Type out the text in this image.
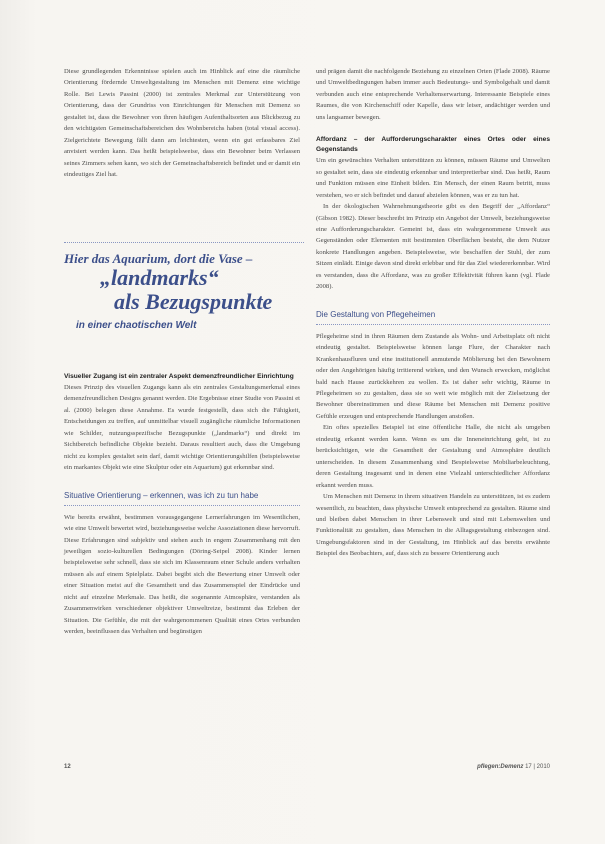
Diese grundlegenden Erkenntnisse spielen auch im Hinblick auf eine die räumliche Orientierung fördernde Umweltgestaltung im Menschen mit Demenz eine wichtige Rolle. Bei Lewis Passini (2000) ist zentrales Merkmal zur Unterstützung von Orientierung, dass der Grundriss von Einrichtungen für Menschen mit Demenz so gestaltet ist, dass die Bewohner von ihren häufigen Aufenthaltsorten aus Blickbezug zu den wichtigsten Gemeinschaftsbereichen des Wohnbereichs haben (total visual access). Zielgerichtete Bewegung fällt dann am leichtesten, wenn ein gut erfassbares Ziel anvisiert werden kann. Das heißt beispielsweise, dass ein Bewohner beim Verlassen seines Zimmers sehen kann, wo sich der Gemeinschaftsbereich befindet und er damit ein eindeutiges Ziel hat.

Hier das Aquarium, dort die Vase –
„landmarks“
als Bezugspunkte
in einer chaotischen Welt
Visueller Zugang ist ein zentraler Aspekt demenzfreundlicher Einrichtung

Dieses Prinzip des visuellen Zugangs kann als ein zentrales Gestaltungsmerkmal eines demenzfreundlichen Designs genannt werden. Die Ergebnisse einer Studie von Passini et al. (2000) belegen diese Annahme. Es wurde festgestellt, dass sich die Fähigkeit, Entscheidungen zu treffen, auf unmittelbar visuell zugängliche räumliche Informationen wie Schilder, nutzungsspezifische Bezugspunkte („landmarks“) und direkt im Sichtbereich befindliche Objekte bezieht. Daraus resultiert auch, dass die Umgebung nicht zu komplex gestaltet sein darf, damit wichtige Orientierungshilfen (beispielsweise ein markantes Objekt wie eine Skulptur oder ein Aquarium) gut erkennbar sind.

Situative Orientierung – erkennen, was ich zu tun habe

Wie bereits erwähnt, bestimmen vorausgegangene Lernerfahrungen im Wesentlichen, wie eine Umwelt bewertet wird, beziehungsweise welche Assoziationen diese hervorruft. Diese Erfahrungen sind subjektiv und stehen auch in engem Zusammenhang mit den jeweiligen sozio-kulturellen Bedingungen (Döring-Seipel 2008). Kinder lernen beispielsweise sehr schnell, dass sie sich im Klassenraum einer Schule anders verhalten müssen als auf einem Spielplatz. Dabei begibt sich die Bewertung einer Umwelt oder einer Situation meist auf die Gesamtheit und das Zusammenspiel der Eindrücke und nicht auf einzelne Merkmale. Das heißt, die sogenannte Atmosphäre, verstanden als Zusammenwirken verschiedener objektiver Umweltreize, bestimmt das Erleben der Situation. Die Gefühle, die mit der wahrgenommenen Qualität eines Ortes verbunden werden, beeinflussen das Verhalten und begünstigen

und prägen damit die nachfolgende Beziehung zu einzelnen Orten (Flade 2008). Räume und Umweltbedingungen haben immer auch Bedeutungs- und Symbolgehalt und damit verbunden auch eine entsprechende Verhaltenserwartung. Interessante Beispiele eines Raumes, die von Kirchenschiff oder Kapelle, dass wir leiser, andächtiger werden und uns langsamer bewegen.

Affordanz – der Aufforderungscharakter eines Ortes oder eines Gegenstands

Um ein gewünschtes Verhalten unterstützen zu können, müssen Räume und Umwelten so gestaltet sein, dass sie eindeutig erkennbar und interpretierbar sind. Das heißt, Raum und Funktion müssen eine Einheit bilden. Ein Mensch, der einen Raum betritt, muss verstehen, wo er sich befindet und darauf abzielen können, was er zu tun hat.

In der ökologischen Wahrnehmungstheorie gibt es den Begriff der „Affordanz“ (Gibson 1982). Dieser beschreibt im Prinzip ein Angebot der Umwelt, beziehungsweise eine Aufforderungscharakter. Gemeint ist, dass ein wahrgenommene Umwelt aus Gegenständen oder Elementen mit bestimmten Oberflächen besteht, die dem Nutzer konkrete Handlungen angeben. Beispielsweise, wie beschaffen der Stuhl, der zum Sitzen einlädt. Einige davon sind direkt erlebbar und für das Ziel wiedererkennbar. Wird es verstanden, dass die Affordanz, was zu großer Effektivität führen kann (vgl. Flade 2008).

Die Gestaltung von Pflegeheimen

Pflegeheime sind in ihren Räumen dem Zustande als Wohn- und Arbeitsplatz oft nicht eindeutig gestaltet. Beispielsweise können lange Flure, der Charakter nach Krankenhausfluren und eine institutionell anmutende Möblierung bei den Bewohnern oder den Angehörigen häufig irritierend wirken, und den Wunsch erwecken, möglichst bald nach Hause zurückkehren zu wollen. Es ist daher sehr wichtig, Räume in Pflegeheimen so zu gestalten, dass sie so weit wie möglich mit der Zielsetzung der Bewohner übereinstimmen und diese Räume bei Menschen mit Demenz positive Gefühle erzeugen und entsprechende Handlungen anstoßen.

Ein oftes spezielles Beispiel ist eine öffentliche Halle, die nicht als umgeben eindeutig erkannt werden kann. Wenn es um die Inneneinrichtung geht, ist zu berücksichtigen, wie die Gesamtheit der Gestaltung und Atmosphäre deutlich unterscheiden. In diesem Zusammenhang sind Bespielsweise Mobiliarbeleuchtung, deren Gestaltung insgesamt und in denen eine Vielzahl unterschiedlicher Affordanz erkannt werden muss.

Um Menschen mit Demenz in ihrem situativen Handeln zu unterstützen, ist es zudem wesentlich, zu beachten, dass physische Umwelt entsprechend zu gestalten. Räume sind und bleiben dabei Menschen in ihrer Lebenswelt und sind mit Lebenswelten und Funktionalität zu gestalten, dass Menschen in die Alltagsgestaltung einbezogen sind. Umgebungsfaktoren sind in der Gestaltung, im Hinblick auf das bereits erwähnte Beispiel des Beobachters, auf, dass sich zu bessere Orientierung auch

12	pflegen:Demenz 17 | 2010
